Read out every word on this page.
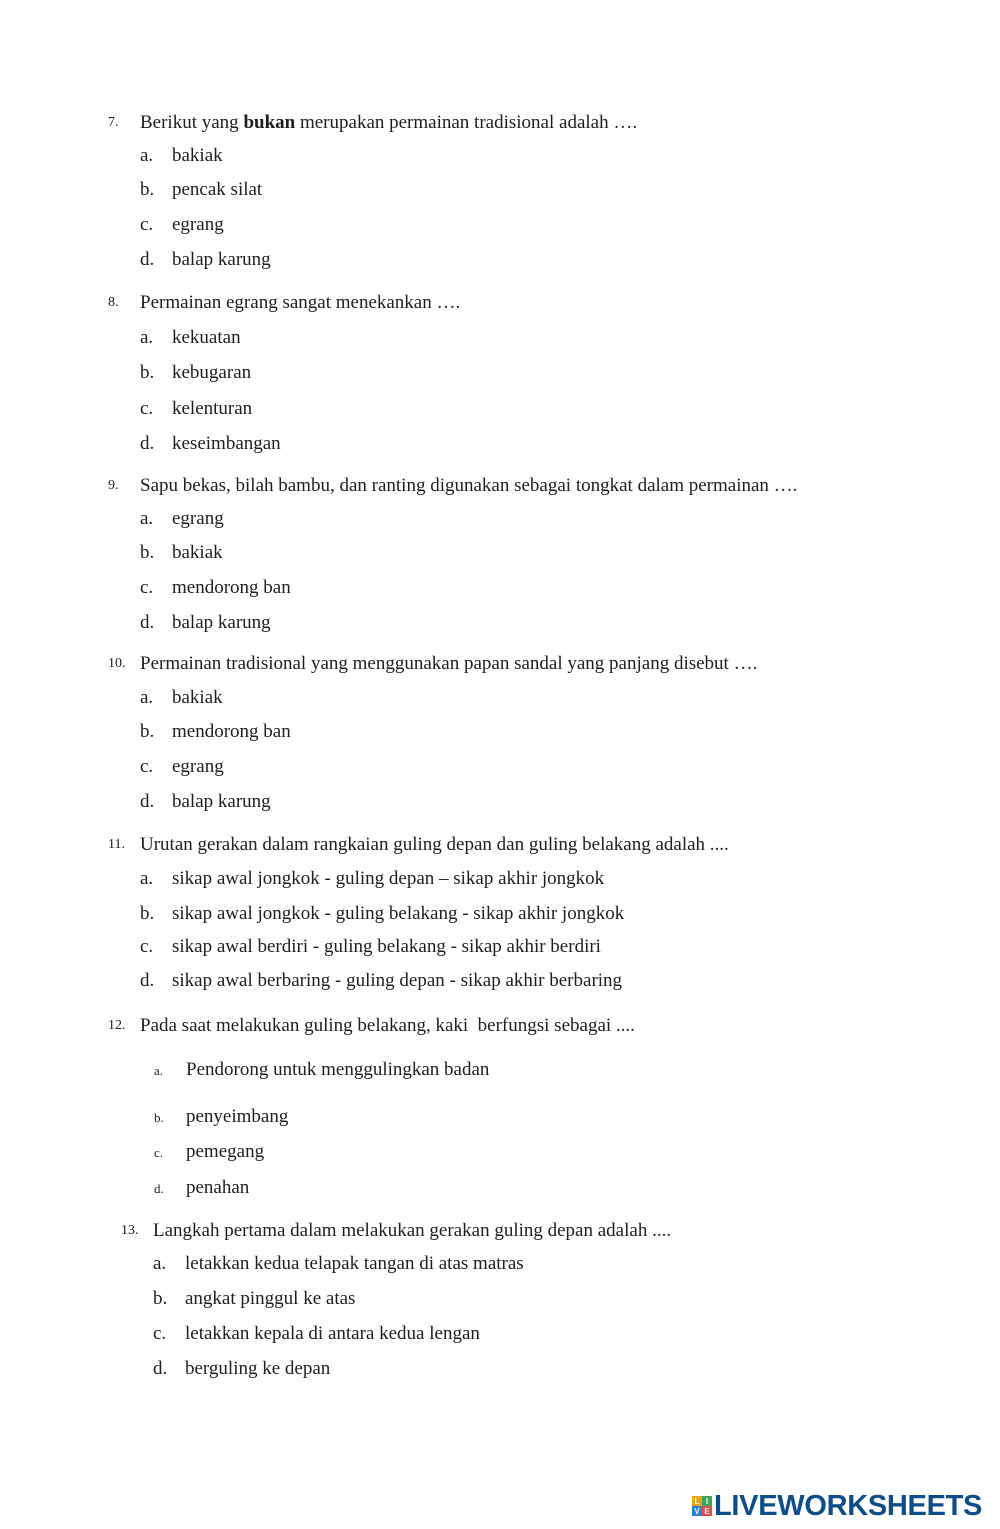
7. Berikut yang bukan merupakan permainan tradisional adalah ….
a. bakiak
b. pencak silat
c. egrang
d. balap karung
8. Permainan egrang sangat menekankan ….
a. kekuatan
b. kebugaran
c. kelenturan
d. keseimbangan
9. Sapu bekas, bilah bambu, dan ranting digunakan sebagai tongkat dalam permainan ….
a. egrang
b. bakiak
c. mendorong ban
d. balap karung
10. Permainan tradisional yang menggunakan papan sandal yang panjang disebut ….
a. bakiak
b. mendorong ban
c. egrang
d. balap karung
11. Urutan gerakan dalam rangkaian guling depan dan guling belakang adalah ....
a. sikap awal jongkok - guling depan – sikap akhir jongkok
b. sikap awal jongkok - guling belakang - sikap akhir jongkok
c. sikap awal berdiri - guling belakang - sikap akhir berdiri
d. sikap awal berbaring - guling depan - sikap akhir berbaring
12. Pada saat melakukan guling belakang, kaki  berfungsi sebagai ....
a. Pendorong untuk menggulingkan badan
b. penyeimbang
c. pemegang
d. penahan
13. Langkah pertama dalam melakukan gerakan guling depan adalah ....
a. letakkan kedua telapak tangan di atas matras
b. angkat pinggul ke atas
c. letakkan kepala di antara kedua lengan
d. berguling ke depan
L I
V E LIVEWORKSHEETS
